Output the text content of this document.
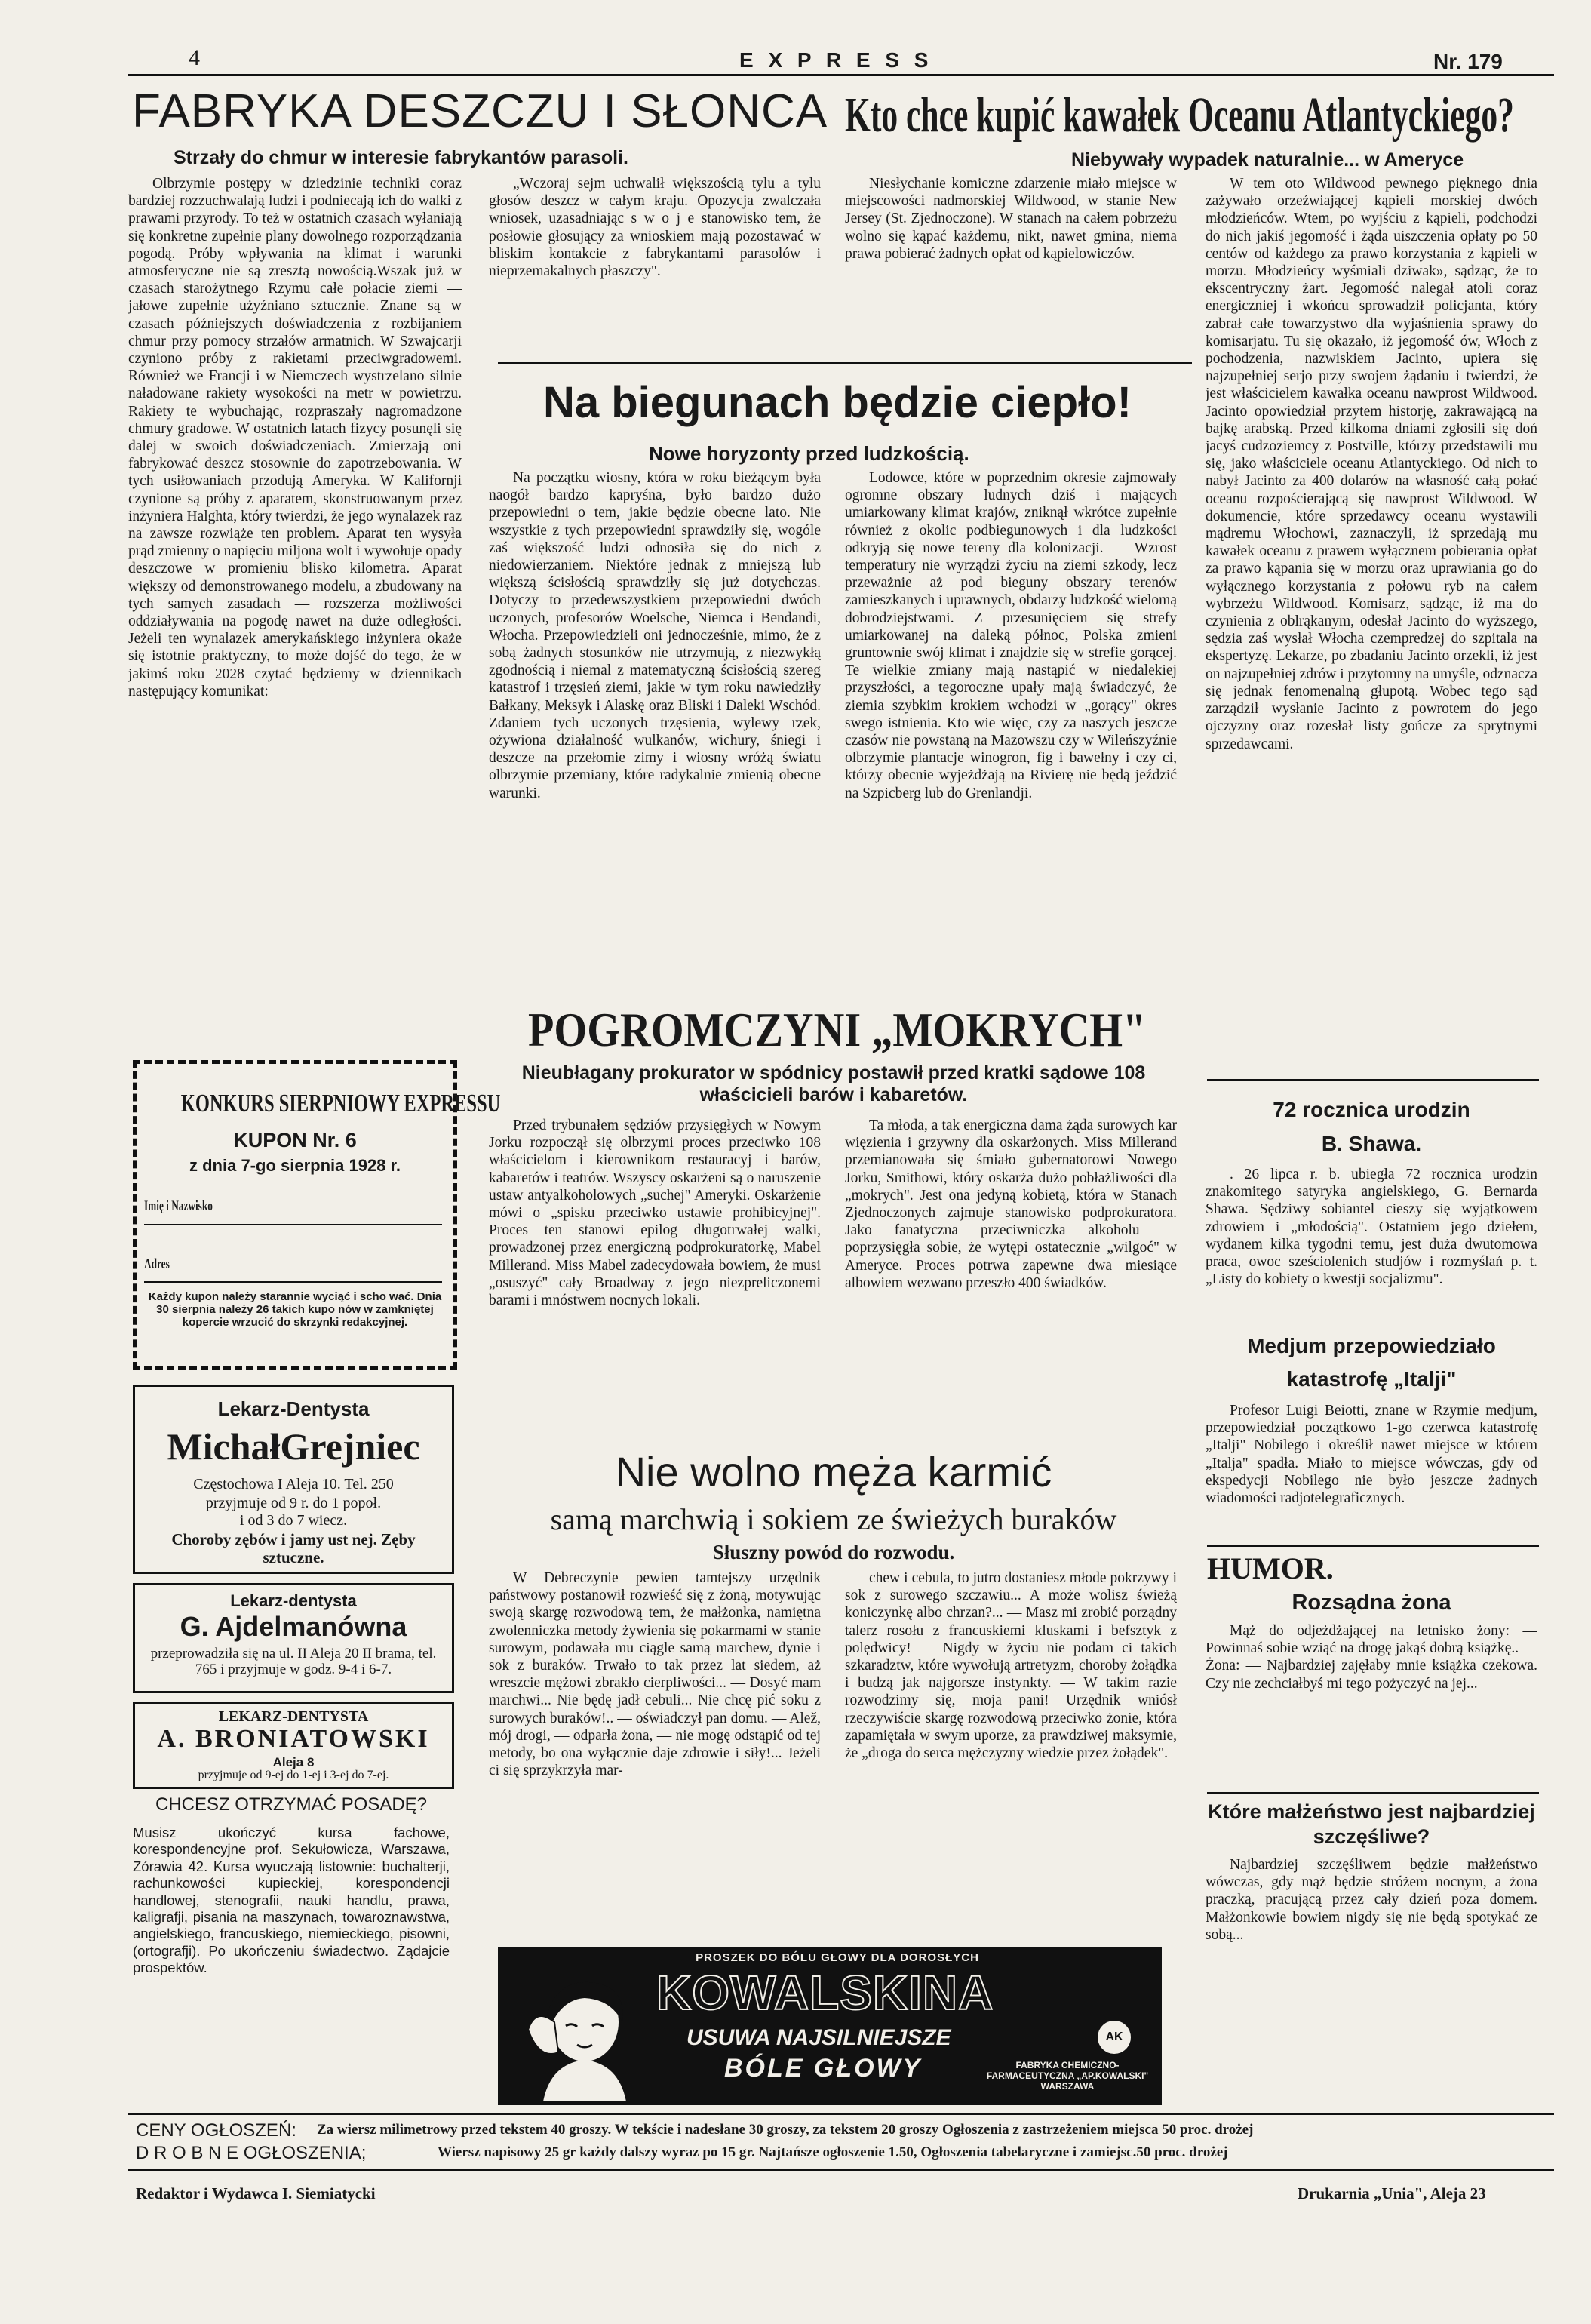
4	E X P R E S S	Nr. 179
FABRYKA DESZCZU I SŁONCA
Strzały do chmur w interesie fabrykantów parasoli.

Olbrzymie postępy w dziedzinie techniki coraz bardziej rozzuchwalają ludzi i podniecają ich do walki z prawami przyrody. To też w ostatnich czasach wyłaniają się konkretne zupełnie plany dowolnego rozporządzania pogodą. Próby wpływania na klimat i warunki atmosferyczne nie są zresztą nowością.Wszak już w czasach starożytnego Rzymu całe połacie ziemi — jałowe zupełnie użyźniano sztucznie. Znane są w czasach późniejszych doświadczenia z rozbijaniem chmur przy pomocy strzałów armatnich. W Szwajcarji czyniono próby z rakietami przeciwgradowemi. Również we Francji i w Niemczech wystrzelano silnie naładowane rakiety wysokości na metr w powietrzu. Rakiety te wybuchając, rozpraszały nagromadzone chmury gradowe. W ostatnich latach fizycy posunęli się dalej w swoich doświadczeniach. Zmierzają oni fabrykować deszcz stosownie do zapotrzebowania. W tych usiłowaniach przodują Ameryka. W Kalifornji czynione są próby z aparatem, skonstruowanym przez inżyniera Halghta, który twierdzi, że jego wynalazek raz na zawsze rozwiąże ten problem. Aparat ten wysyła prąd zmienny o napięciu miljona wolt i wywołuje opady deszczowe w promieniu blisko kilometra. Aparat większy od demonstrowanego modelu, a zbudowany na tych samych zasadach — rozszerza możliwości oddziaływania na pogodę nawet na duże odległości. Jeżeli ten wynalazek amerykańskiego inżyniera okaże się istotnie praktyczny, to może dojść do tego, że w jakimś roku 2028 czytać będziemy w dziennikach następujący komunikat:

„Wczoraj sejm uchwalił większością tylu a tylu głosów deszcz w całym kraju. Opozycja zwalczała wniosek, uzasadniając s w o j e stanowisko tem, że posłowie głosujący za wnioskiem mają pozostawać w bliskim kontakcie z fabrykantami parasolów i nieprzemakalnych płaszczy".

Kto chce kupić kawałek Oceanu Atlantyckiego?
Niebywały wypadek naturalnie... w Ameryce

Niesłychanie komiczne zdarzenie miało miejsce w miejscowości nadmorskiej Wildwood, w stanie New Jersey (St. Zjednoczone). W stanach na całem pobrzeżu wolno się kąpać każdemu, nikt, nawet gmina, niema prawa pobierać żadnych opłat od kąpielowiczów.

W tem oto Wildwood pewnego pięknego dnia zażywało orzeźwiającej kąpieli morskiej dwóch młodzieńców. Wtem, po wyjściu z kąpieli, podchodzi do nich jakiś jegomość i żąda uiszczenia opłaty po 50 centów od każdego za prawo korzystania z kąpieli w morzu. Młodzieńcy wyśmiali dziwak», sądząc, że to ekscentryczny żart. Jegomość nalegał atoli coraz energiczniej i wkońcu sprowadził policjanta, który zabrał całe towarzystwo dla wyjaśnienia sprawy do komisarjatu. Tu się okazało, iż jegomość ów, Włoch z pochodzenia, nazwiskiem Jacinto, upiera się najzupełniej serjo przy swojem żądaniu i twierdzi, że jest właścicielem kawałka oceanu nawprost Wildwood. Jacinto opowiedział przytem historję, zakrawającą na bajkę arabską. Przed kilkoma dniami zgłosili się doń jacyś cudzoziemcy z Postville, którzy przedstawili mu się, jako właściciele oceanu Atlantyckiego. Od nich to nabył Jacinto za 400 dolarów na własność całą połać oceanu rozpościerającą się nawprost Wildwood. W dokumencie, które sprzedawcy oceanu wystawili mądremu Włochowi, zaznaczyli, iż sprzedają mu kawałek oceanu z prawem wyłącznem pobierania opłat za prawo kąpania się w morzu oraz uprawiania go do wyłącznego korzystania z połowu ryb na całem wybrzeżu Wildwood. Komisarz, sądząc, iż ma do czynienia z oblrąkanym, odesłał Jacinto do wyższego, sędzia zaś wysłał Włocha czempredzej do szpitala na ekspertyzę. Lekarze, po zbadaniu Jacinto orzekli, iż jest on najzupełniej zdrów i przytomny na umyśle, odznacza się jednak fenomenalną głupotą. Wobec tego sąd zarządził wysłanie Jacinto z powrotem do jego ojczyzny oraz rozesłał listy gończe za sprytnymi sprzedawcami.

Na biegunach będzie ciepło!
Nowe horyzonty przed ludzkością.

Na początku wiosny, która w roku bieżącym była naogół bardzo kapryśna, było bardzo dużo przepowiedni o tem, jakie będzie obecne lato. Nie wszystkie z tych przepowiedni sprawdziły się, wogóle zaś większość ludzi odnosiła się do nich z niedowierzaniem. Niektóre jednak z mniejszą lub większą ścisłością sprawdziły się już dotychczas. Dotyczy to przedewszystkiem przepowiedni dwóch uczonych, profesorów Woelsche, Niemca i Bendandi, Włocha. Przepowiedzieli oni jednocześnie, mimo, że z sobą żadnych stosunków nie utrzymują, z niezwykłą zgodnością i niemal z matematyczną ścisłością szereg katastrof i trzęsień ziemi, jakie w tym roku nawiedziły Bałkany, Meksyk i Alaskę oraz Bliski i Daleki Wschód. Zdaniem tych uczonych trzęsienia, wylewy rzek, ożywiona działalność wulkanów, wichury, śniegi i deszcze na przełomie zimy i wiosny wróżą światu olbrzymie przemiany, które radykalnie zmienią obecne warunki.

Lodowce, które w poprzednim okresie zajmowały ogromne obszary ludnych dziś i mających umiarkowany klimat krajów, zniknął wkrótce zupełnie również z okolic podbiegunowych i dla ludzkości odkryją się nowe tereny dla kolonizacji. — Wzrost temperatury nie wyrządzi życiu na ziemi szkody, lecz przeważnie aż pod bieguny obszary terenów zamieszkanych i uprawnych, obdarzy ludzkość wielomą dobrodziejstwami. Z przesunięciem się strefy umiarkowanej na daleką północ, Polska zmieni gruntownie swój klimat i znajdzie się w strefie gorącej. Te wielkie zmiany mają nastąpić w niedalekiej przyszłości, a tegoroczne upały mają świadczyć, że ziemia szybkim krokiem wchodzi w „gorący" okres swego istnienia. Kto wie więc, czy za naszych jeszcze czasów nie powstaną na Mazowszu czy w Wileńszyźnie olbrzymie plantacje winogron, fig i bawełny i czy ci, którzy obecnie wyjeżdżają na Rivierę nie będą jeździć na Szpicberg lub do Grenlandji.

POGROMCZYNI „MOKRYCH"
Nieubłagany prokurator w spódnicy postawił przed kratki sądowe 108 właścicieli barów i kabaretów.

Przed trybunałem sędziów przysięgłych w Nowym Jorku rozpoczął się olbrzymi proces przeciwko 108 właścicielom i kierownikom restauracyj i barów, kabaretów i teatrów. Wszyscy oskarżeni są o naruszenie ustaw antyalkoholowych „suchej" Ameryki. Oskarżenie mówi o „spisku przeciwko ustawie prohibicyjnej". Proces ten stanowi epilog długotrwałej walki, prowadzonej przez energiczną podprokuratorkę, Mabel Millerand. Miss Mabel zadecydowała bowiem, że musi „osuszyć" cały Broadway z jego niezpreliczonemi barami i mnóstwem nocnych lokali.

Ta młoda, a tak energiczna dama żąda surowych kar więzienia i grzywny dla oskarżonych. Miss Millerand przemianowała się śmiało gubernatorowi Nowego Jorku, Smithowi, który oskarża dużo pobłażliwości dla „mokrych". Jest ona jedyną kobietą, która w Stanach Zjednoczonych zajmuje stanowisko podprokuratora. Jako fanatyczna przeciwniczka alkoholu — poprzysięgła sobie, że wytępi ostatecznie „wilgoć" w Ameryce. Proces potrwa zapewne dwa miesiące albowiem wezwano przeszło 400 świadków.

Nie wolno męża karmić
samą marchwią i sokiem ze świeżych buraków
Słuszny powód do rozwodu.

W Debreczynie pewien tamtejszy urzędnik państwowy postanowił rozwieść się z żoną, motywując swoją skargę rozwodową tem, że małżonka, namiętna zwolenniczka metody żywienia się pokarmami w stanie surowym, podawała mu ciągle samą marchew, dynie i sok z buraków. Trwało to tak przez lat siedem, aż wreszcie mężowi zbrakło cierpliwości... — Dosyć mam marchwi... Nie będę jadł cebuli... Nie chcę pić soku z surowych buraków!.. — oświadczył pan domu. — Alež, mój drogi, — odparła żona, — nie mogę odstąpić od tej metody, bo ona wyłącznie daje zdrowie i siły!... Jeżeli ci się sprzykrzyła mar-

chew i cebula, to jutro dostaniesz młode pokrzywy i sok z surowego szczawiu... A może wolisz świeżą koniczynkę albo chrzan?... — Masz mi zrobić porządny talerz rosołu z francuskiemi kluskami i befsztyk z polędwicy! — Nigdy w życiu nie podam ci takich szkaradztw, które wywołują artretyzm, choroby żołądka i budzą jak najgorsze instynkty. — W takim razie rozwodzimy się, moja pani! Urzędnik wniósł rzeczywiście skargę rozwodową przeciwko żonie, która zapamiętała w swym uporze, za prawdziwej maksymie, że „droga do serca mężczyzny wiedzie przez żołądek".

72 rocznica urodzin
B. Shawa.

. 26 lipca r. b. ubiegła 72 rocznica urodzin znakomitego satyryka angielskiego, G. Bernarda Shawa. Sędziwy sobiantel cieszy się wyjątkowem zdrowiem i „młodością". Ostatniem jego dziełem, wydanem kilka tygodni temu, jest duża dwutomowa praca, owoc sześciolenich studjów i rozmyślań p. t. „Listy do kobiety o kwestji socjalizmu".

Medjum przepowiedziało
katastrofę „Italji"

Profesor Luigi Beiotti, znane w Rzymie medjum, przepowiedział początkowo 1-go czerwca katastrofę „Italji" Nobilego i określił nawet miejsce w którem „Italja" spadła. Miało to miejsce wówczas, gdy od ekspedycji Nobilego nie było jeszcze żadnych wiadomości radjotelegraficznych.

HUMOR.
Rozsądna żona

Mąż do odjeżdżającej na letnisko żony: — Powinnaś sobie wziąć na drogę jakąś dobrą książkę.. — Żona: — Najbardziej zajęłaby mnie książka czekowa. Czy nie zechciałbyś mi tego pożyczyć na jej...

Które małżeństwo jest najbardziej szczęśliwe?

Najbardziej szczęśliwem będzie małżeństwo wówczas, gdy mąż będzie stróżem nocnym, a żona praczką, pracującą przez cały dzień poza domem. Małżonkowie bowiem nigdy się nie będą spotykać ze sobą...

KONKURS SIERPNIOWY EXPRESSU
KUPON Nr. 6
z dnia 7-go sierpnia 1928 r.
Imię i Nazwisko
Adres
Każdy kupon należy starannie wyciąć i scho wać. Dnia 30 sierpnia należy 26 takich kupo nów w zamkniętej kopercie wrzucić do skrzynki redakcyjnej.
Lekarz-Dentysta
MichałGrejniec
Częstochowa I Aleja 10. Tel. 250
przyjmuje od 9 r. do 1 popoł.
i od 3 do 7 wiecz.
Choroby zębów i jamy ust nej. Zęby sztuczne.
Lekarz-dentysta
G. Ajdelmanówna
przeprowadziła się na ul. II Aleja 20 II brama, tel. 765 i przyjmuje w godz. 9-4 i 6-7.
LEKARZ-DENTYSTA
A. BRONIATOWSKI
Aleja 8
przyjmuje od 9-ej do 1-ej i 3-ej do 7-ej.
CHCESZ OTRZYMAĆ POSADĘ?

Musisz ukończyć kursa fachowe, korespondencyjne prof. Sekułowicza, Warszawa, Zórawia 42. Kursa wyuczają listownie: buchalterji, rachunkowości kupieckiej, korespondencji handlowej, stenografii, nauki handlu, prawa, kaligrafji, pisania na maszynach, towaroznawstwa, angielskiego, francuskiego, niemieckiego, pisowni, (ortografji). Po ukończeniu świadectwo. Żądajcie prospektów.

PROSZEK DO BÓLU GŁOWY DLA DOROSŁYCH
KOWALSKINA
USUWA NAJSILNIEJSZE
BÓLE GŁOWY	FABRYKA CHEMICZNO-FARMACEUTYCZNA „AP.KOWALSKI" WARSZAWA
AK
CENY OGŁOSZEŃ: Za wiersz milimetrowy przed tekstem 40 groszy. W tekście i nadesłane 30 groszy, za tekstem 20 groszy Ogłoszenia z zastrzeżeniem miejsca 50 proc. drożej
D R O B N E OGŁOSZENIA;	Wiersz napisowy 25 gr każdy dalszy wyraz po 15 gr. Najtańsze ogłoszenie 1.50, Ogłoszenia tabelaryczne i zamiejsc.50 proc. drożej
Redaktor i Wydawca I. Siemiatycki	Drukarnia „Unia", Aleja 23
